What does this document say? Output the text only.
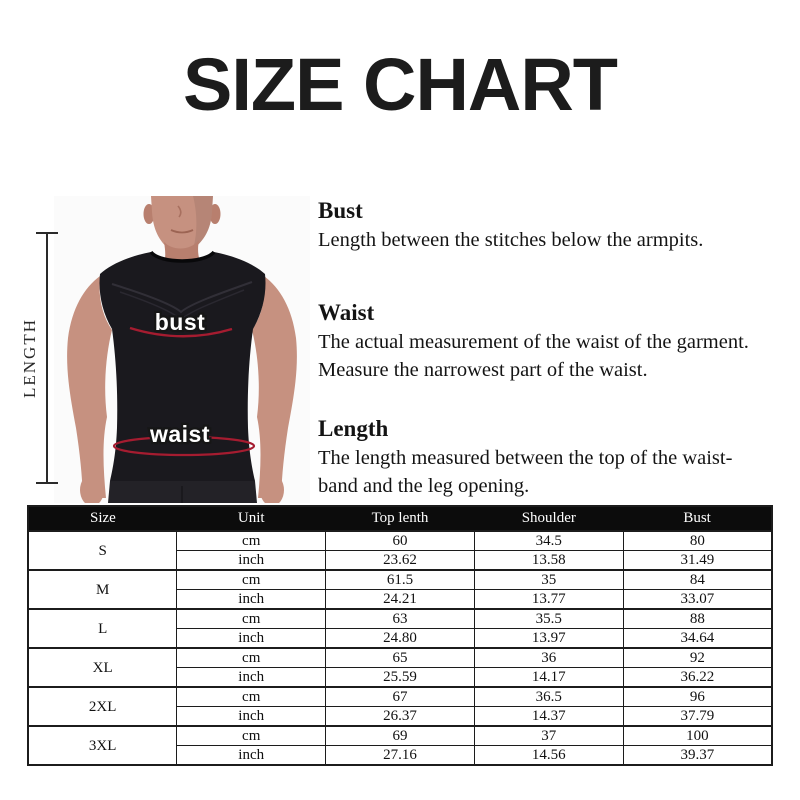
SIZE CHART
bust
waist
LENGTH
Bust
Length between the stitches below the armpits.
Waist
The actual measurement of the waist of the garment.
Measure the narrowest part of the waist.
Length
The length measured between the top of the waist-
band and the leg opening.
Size	Unit	Top lenth	Shoulder	Bust
S	cm	60	34.5	80
	inch	23.62	13.58	31.49
M	cm	61.5	35	84
	inch	24.21	13.77	33.07
L	cm	63	35.5	88
	inch	24.80	13.97	34.64
XL	cm	65	36	92
	inch	25.59	14.17	36.22
2XL	cm	67	36.5	96
	inch	26.37	14.37	37.79
3XL	cm	69	37	100
	inch	27.16	14.56	39.37
